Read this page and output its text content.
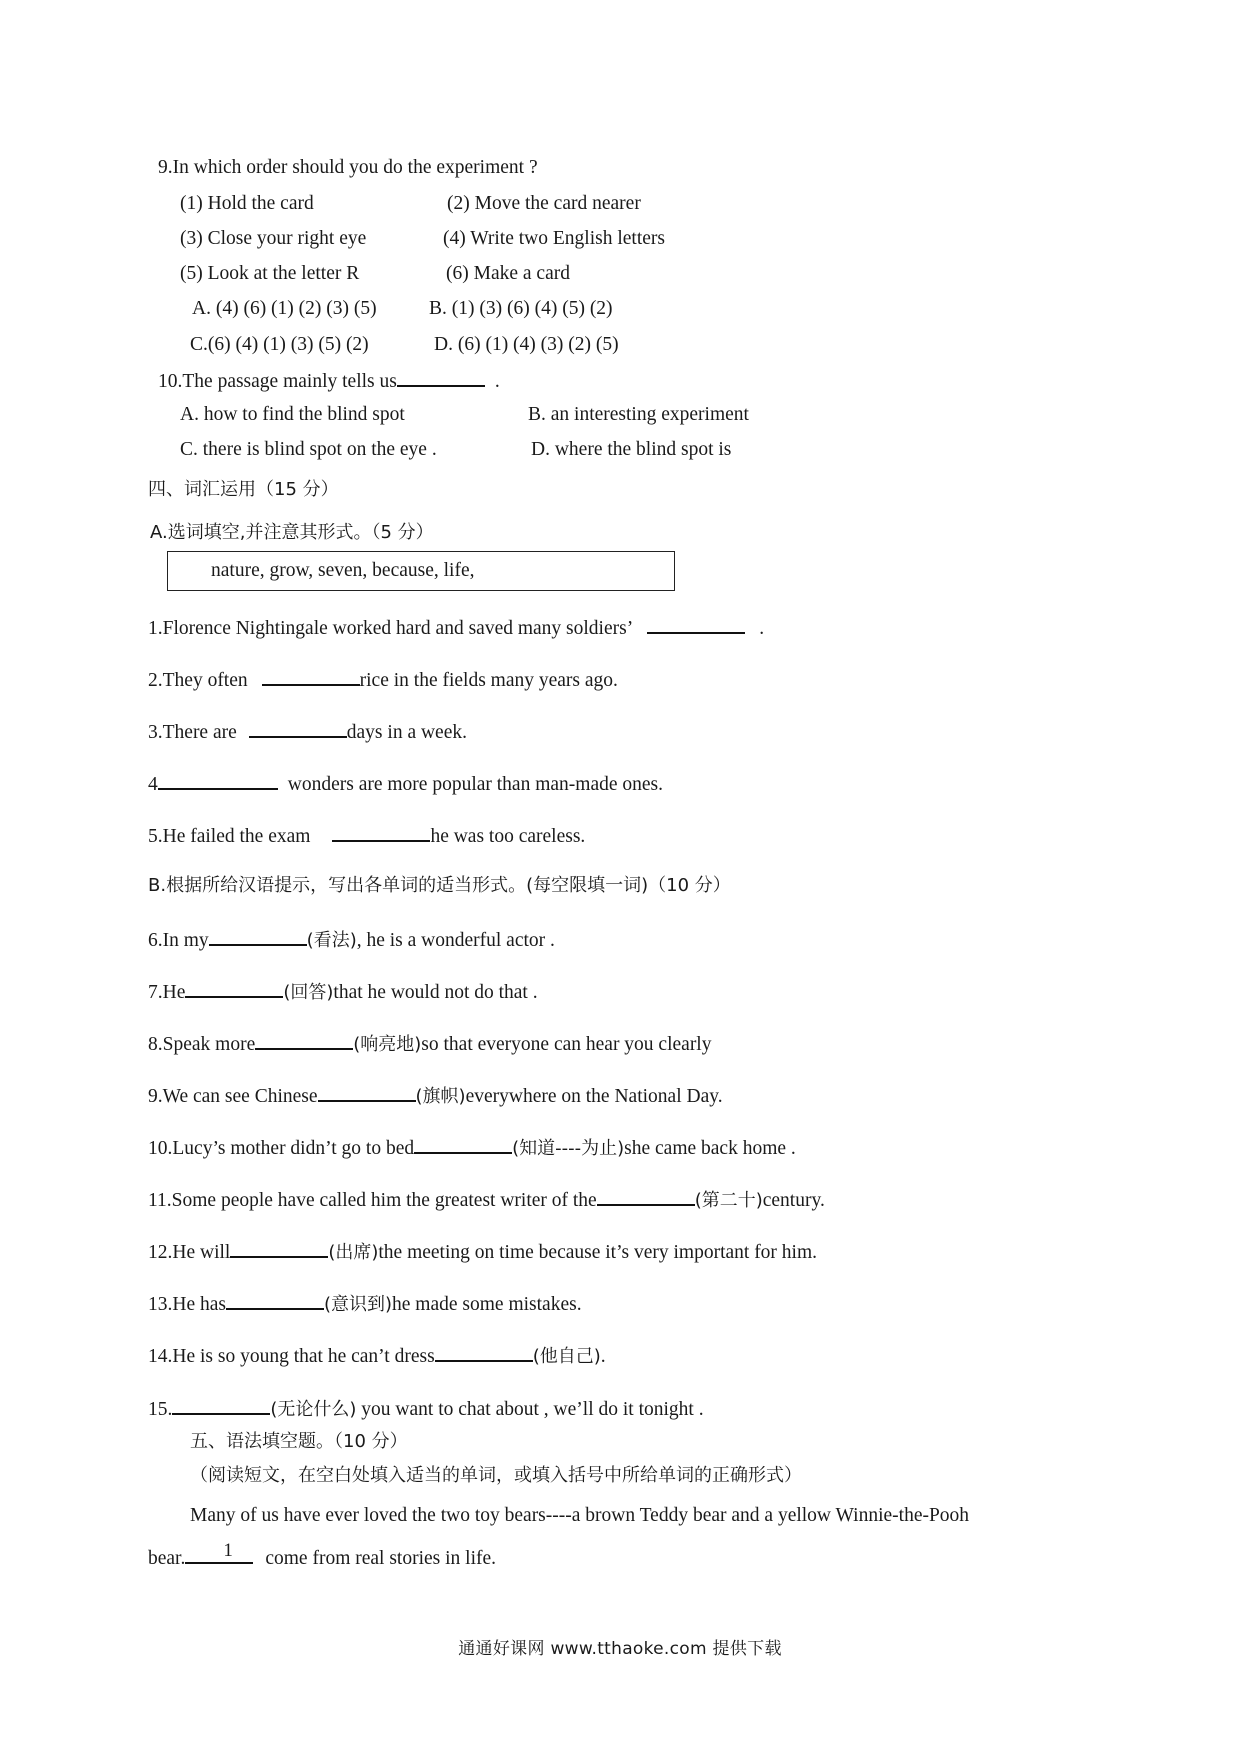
9.In which order should you do the experiment ?
(1) Hold the card	(2) Move the card nearer
(3) Close your right eye	(4) Write two English letters
(5) Look at the letter R	(6) Make a card
A. (4) (6) (1) (2) (3) (5)	B. (1) (3) (6) (4) (5) (2)
C.(6) (4) (1) (3) (5) (2)	D. (6) (1) (4) (3) (2) (5)
10.The passage mainly tells us	.
A. how to find the blind spot	B. an interesting experiment
C. there is blind spot on the eye .	D. where the blind spot is
四、词汇运用（15 分）
A.选词填空,并注意其形式。（5 分）
nature, grow, seven, because, life,
1.Florence Nightingale worked hard and saved many soldiers’	.
2.They often	rice in the fields many years ago.
3.There are	days in a week.
4	wonders are more popular than man-made ones.
5.He failed the exam	he was too careless.
B.根据所给汉语提示，写出各单词的适当形式。(每空限填一词)（10 分）
6.In my	(看法), he is a wonderful actor .
7.He	(回答)that he would not do that .
8.Speak more	(响亮地)so that everyone can hear you clearly
9.We can see Chinese	(旗帜)everywhere on the National Day.
10.Lucy’s mother didn’t go to bed	(知道----为止)she came back home .
11.Some people have called him the greatest writer of the	(第二十)century.
12.He will	(出席)the meeting on time because it’s very important for him.
13.He has	(意识到)he made some mistakes.
14.He is so young that he can’t dress	(他自己).
15.	(无论什么) you want to chat about , we’ll do it tonight .
五、语法填空题。（10 分）
（阅读短文，在空白处填入适当的单词，或填入括号中所给单词的正确形式）
Many of us have ever loved the two toy bears----a brown Teddy bear and a yellow Winnie-the-Pooh
bear. 1 come from real stories in life.
通通好课网 www.tthaoke.com 提供下载
